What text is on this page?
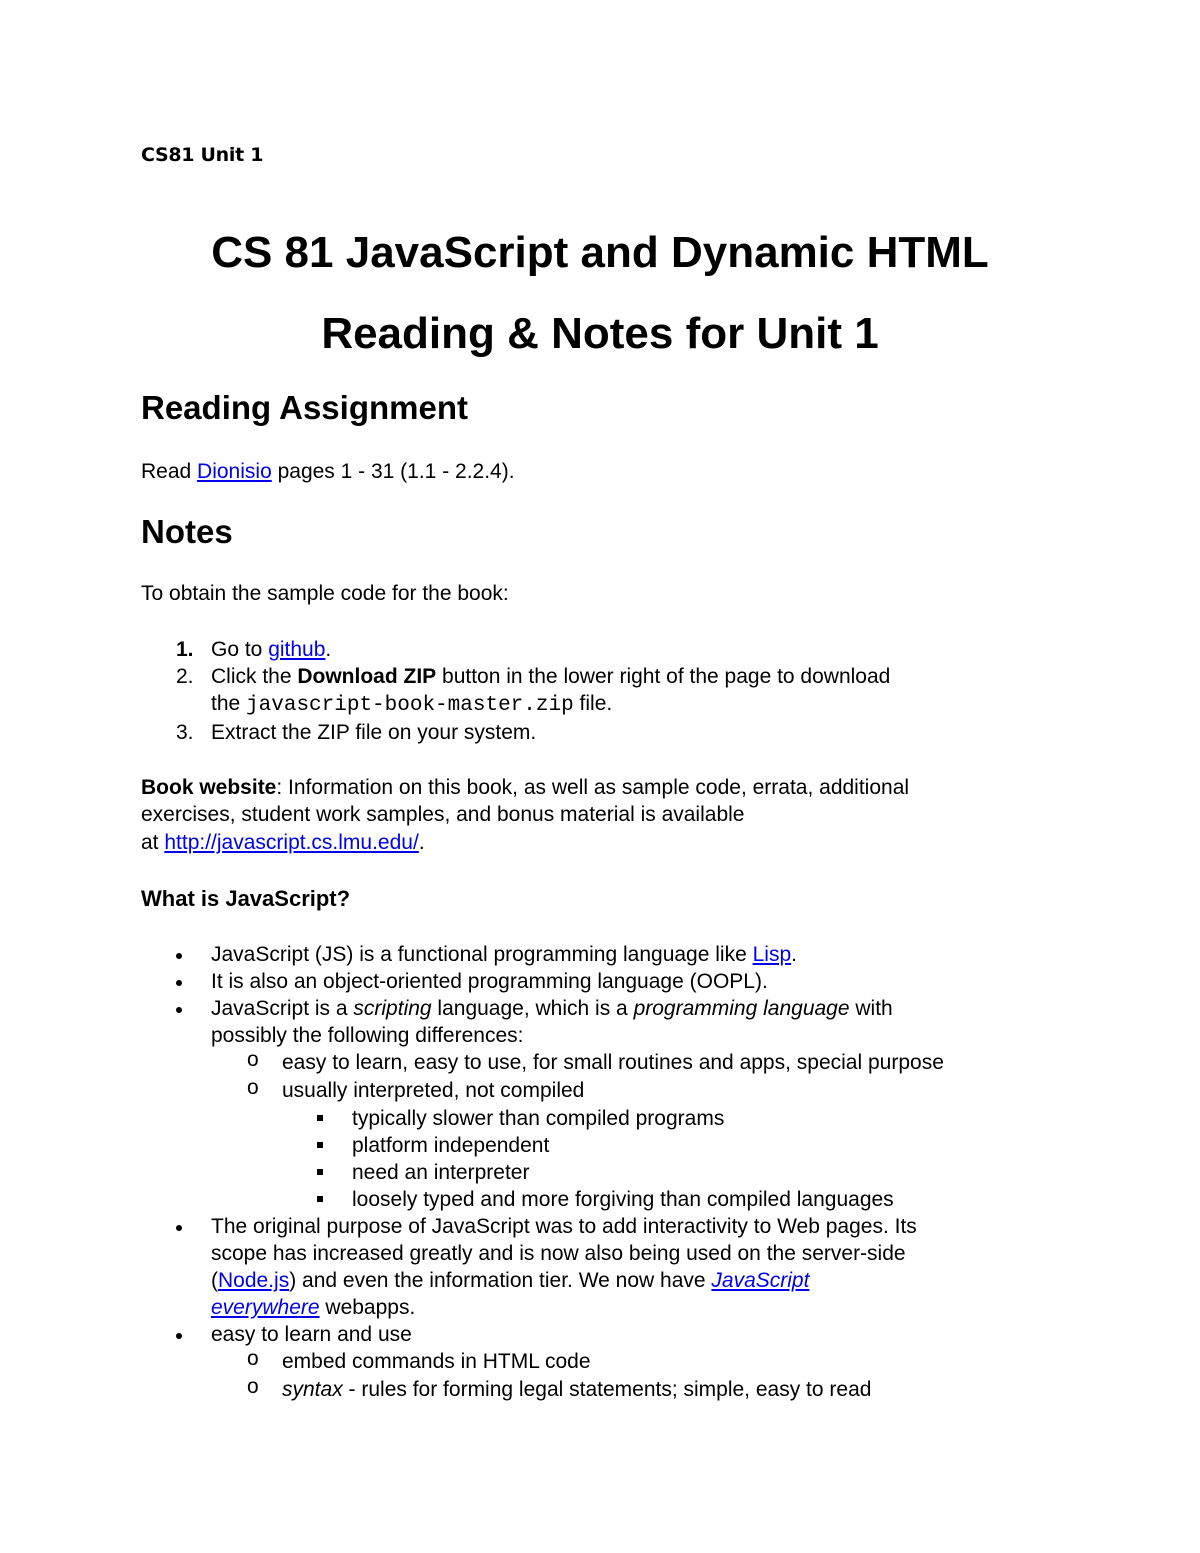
CS81 Unit 1
CS 81 JavaScript and Dynamic HTML
Reading & Notes for Unit 1
Reading Assignment
Read Dionisio pages 1 - 31 (1.1 - 2.2.4).
Notes
To obtain the sample code for the book:
1. Go to github.
2. Click the Download ZIP button in the lower right of the page to download
the javascript-book-master.zip file.
3. Extract the ZIP file on your system.
Book website: Information on this book, as well as sample code, errata, additional
exercises, student work samples, and bonus material is available
at http://javascript.cs.lmu.edu/.
What is JavaScript?
JavaScript (JS) is a functional programming language like Lisp.
It is also an object-oriented programming language (OOPL).
JavaScript is a scripting language, which is a programming language with
possibly the following differences:
o easy to learn, easy to use, for small routines and apps, special purpose
o usually interpreted, not compiled
typically slower than compiled programs
platform independent
need an interpreter
loosely typed and more forgiving than compiled languages
The original purpose of JavaScript was to add interactivity to Web pages. Its
scope has increased greatly and is now also being used on the server-side
(Node.js) and even the information tier. We now have JavaScript
everywhere webapps.
easy to learn and use
o embed commands in HTML code
o syntax - rules for forming legal statements; simple, easy to read
